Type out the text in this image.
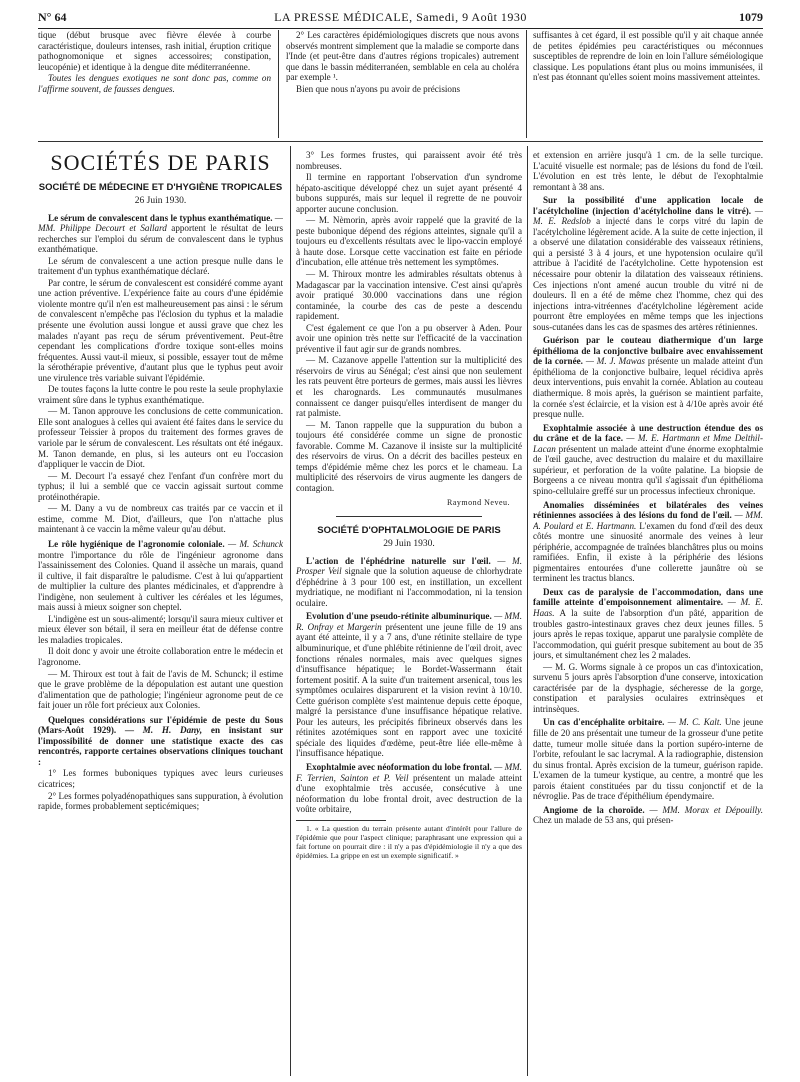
N° 64	LA PRESSE MÉDICALE, Samedi, 9 Août 1930	1079

tique (début brusque avec fièvre élevée à courbe caractéristique, douleurs intenses, rash initial, éruption critique pathognomonique et signes accessoires; constipation, leucopénie) et identique à la dengue dite méditerranéenne.

Toutes les dengues exotiques ne sont donc pas, comme on l'affirme souvent, de fausses dengues.

2° Les caractères épidémiologiques discrets que nous avons observés montrent simplement que la maladie se comporte dans l'Inde (et peut-être dans d'autres régions tropicales) autrement que dans le bassin méditerranéen, semblable en cela au choléra par exemple ¹.

Bien que nous n'ayons pu avoir de précisions

suffisantes à cet égard, il est possible qu'il y ait chaque année de petites épidémies peu caractéristiques ou méconnues susceptibles de reprendre de loin en loin l'allure séméiologique classique. Les populations étant plus ou moins immunisées, il n'est pas étonnant qu'elles soient moins massivement atteintes.

SOCIÉTÉS DE PARIS
SOCIÉTÉ DE MÉDECINE ET D'HYGIÈNE TROPICALES
26 Juin 1930.

Le sérum de convalescent dans le typhus exanthématique. — MM. Philippe Decourt et Sallard apportent le résultat de leurs recherches sur l'emploi du sérum de convalescent dans le typhus exanthématique.

Le sérum de convalescent a une action presque nulle dans le traitement d'un typhus exanthématique déclaré.

Par contre, le sérum de convalescent est considéré comme ayant une action préventive. L'expérience faite au cours d'une épidémie violente montre qu'il n'en est malheureusement pas ainsi : le sérum de convalescent n'empêche pas l'éclosion du typhus et la maladie présente une évolution aussi longue et aussi grave que chez les malades n'ayant pas reçu de sérum préventivement. Peut-être cependant les complications d'ordre toxique sont-elles moins fréquentes. Aussi vaut-il mieux, si possible, essayer tout de même la sérothérapie préventive, d'autant plus que le typhus peut avoir une virulence très variable suivant l'épidémie.

De toutes façons la lutte contre le pou reste la seule prophylaxie vraiment sûre dans le typhus exanthématique.

— M. Tanon approuve les conclusions de cette communication. Elle sont analogues à celles qui avaient été faites dans le service du professeur Teissier à propos du traitement des formes graves de variole par le sérum de convalescent. Les résultats ont été inégaux. M. Tanon demande, en plus, si les auteurs ont eu l'occasion d'appliquer le vaccin de Diot.

— M. Decourt l'a essayé chez l'enfant d'un confrère mort du typhus; il lui a semblé que ce vaccin agissait surtout comme protéinothérapie.

— M. Dany a vu de nombreux cas traités par ce vaccin et il estime, comme M. Diot, d'ailleurs, que l'on n'attache plus maintenant à ce vaccin la même valeur qu'au début.

Le rôle hygiénique de l'agronomie coloniale. — M. Schunck montre l'importance du rôle de l'ingénieur agronome dans l'assainissement des Colonies. Quand il assèche un marais, quand il cultive, il fait disparaître le paludisme. C'est à lui qu'appartient de multiplier la culture des plantes médicinales, et d'apprendre à l'indigène, non seulement à cultiver les céréales et les légumes, mais aussi à mieux soigner son cheptel.

L'indigène est un sous-alimenté; lorsqu'il saura mieux cultiver et mieux élever son bétail, il sera en meilleur état de défense contre les maladies tropicales.

Il doit donc y avoir une étroite collaboration entre le médecin et l'agronome.

— M. Thiroux est tout à fait de l'avis de M. Schunck; il estime que le grave problème de la dépopulation est autant une question d'alimentation que de pathologie; l'ingénieur agronome peut de ce fait jouer un rôle fort précieux aux Colonies.

Quelques considérations sur l'épidémie de peste du Sous (Mars-Août 1929). — M. H. Dany, en insistant sur l'impossibilité de donner une statistique exacte des cas rencontrés, rapporte certaines observations cliniques touchant :

1° Les formes buboniques typiques avec leurs curieuses cicatrices;

2° Les formes polyadénopathiques sans suppuration, à évolution rapide, formes probablement septicémiques;

3° Les formes frustes, qui paraissent avoir été très nombreuses.

Il termine en rapportant l'observation d'un syndrome hépato-ascitique développé chez un sujet ayant présenté 4 bubons suppurés, mais sur lequel il regrette de ne pouvoir apporter aucune conclusion.

— M. Nèmorin, après avoir rappelé que la gravité de la peste bubonique dépend des régions atteintes, signale qu'il a toujours eu d'excellents résultats avec le lipo-vaccin employé à haute dose. Lorsque cette vaccination est faite en période d'incubation, elle atténue très nettement les symptômes.

— M. Thiroux montre les admirables résultats obtenus à Madagascar par la vaccination intensive. C'est ainsi qu'après avoir pratiqué 30.000 vaccinations dans une région contaminée, la courbe des cas de peste a descendu rapidement.

C'est également ce que l'on a pu observer à Aden. Pour avoir une opinion très nette sur l'efficacité de la vaccination préventive il faut agir sur de grands nombres.

— M. Cazanove appelle l'attention sur la multiplicité des réservoirs de virus au Sénégal; c'est ainsi que non seulement les rats peuvent être porteurs de germes, mais aussi les lièvres et les charognards. Les communautés musulmanes connaissent ce danger puisqu'elles interdisent de manger du rat palmiste.

— M. Tanon rappelle que la suppuration du bubon a toujours été considérée comme un signe de pronostic favorable. Comme M. Cazanove il insiste sur la multiplicité des réservoirs de virus. On a décrit des bacilles pesteux en temps d'épidémie même chez les porcs et le chameau. La multiplicité des réservoirs de virus augmente les dangers de contagion.

Raymond Neveu.
SOCIÉTÉ D'OPHTALMOLOGIE DE PARIS
29 Juin 1930.

L'action de l'éphédrine naturelle sur l'œil. — M. Prosper Veil signale que la solution aqueuse de chlorhydrate d'éphédrine à 3 pour 100 est, en instillation, un excellent mydriatique, ne modifiant ni l'accommodation, ni la tension oculaire.

Evolution d'une pseudo-rétinite albuminurique. — MM. R. Onfray et Margerin présentent une jeune fille de 19 ans ayant été atteinte, il y a 7 ans, d'une rétinite stellaire de type albuminurique, et d'une phlébite rétinienne de l'œil droit, avec fonctions rénales normales, mais avec quelques signes d'insuffisance hépatique; le Bordet-Wassermann était fortement positif. A la suite d'un traitement arsenical, tous les symptômes oculaires disparurent et la vision revint à 10/10. Cette guérison complète s'est maintenue depuis cette époque, malgré la persistance d'une insuffisance hépatique relative. Pour les auteurs, les précipités fibrineux observés dans les rétinites azotémiques sont en rapport avec une toxicité spéciale des liquides d'œdème, peut-être liée elle-même à l'insuffisance hépatique.

Exophtalmie avec néoformation du lobe frontal. — MM. F. Terrien, Sainton et P. Veil présentent un malade atteint d'une exophtalmie très accusée, consécutive à une néoformation du lobe frontal droit, avec destruction de la voûte orbitaire,

1. « La question du terrain présente autant d'intérêt pour l'allure de l'épidémie que pour l'aspect clinique; paraphrasant une expression qui a fait fortune on pourrait dire : il n'y a pas d'épidémiologie il n'y a que des épidémies. La grippe en est un exemple significatif. »

et extension en arrière jusqu'à 1 cm. de la selle turcique. L'acuité visuelle est normale; pas de lésions du fond de l'œil. L'évolution en est très lente, le début de l'exophtalmie remontant à 38 ans.

Sur la possibilité d'une application locale de l'acétylcholine (injection d'acétylcholine dans le vitré). — M. E. Redslob a injecté dans le corps vitré du lapin de l'acétylcholine légèrement acide. A la suite de cette injection, il a observé une dilatation considérable des vaisseaux rétiniens, qui a persisté 3 à 4 jours, et une hypotension oculaire qu'il attribue à l'acidité de l'acétylcholine. Cette hypotension est nécessaire pour obtenir la dilatation des vaisseaux rétiniens. Ces injections n'ont amené aucun trouble du vitré ni de douleurs. Il en a été de même chez l'homme, chez qui des injections intra-vitréennes d'acétylcholine légèrement acide pourront être employées en même temps que les injections sous-cutanées dans les cas de spasmes des artères rétiniennes.

Guérison par le couteau diathermique d'un large épithélioma de la conjonctive bulbaire avec envahissement de la cornée. — M. J. Mawas présente un malade atteint d'un épithélioma de la conjonctive bulbaire, lequel récidiva après deux interventions, puis envahit la cornée. Ablation au couteau diathermique. 8 mois après, la guérison se maintient parfaite, la cornée s'est éclaircie, et la vision est à 4/10e après avoir été presque nulle.

Exophtalmie associée à une destruction étendue des os du crâne et de la face. — M. E. Hartmann et Mme Delthil-Lacan présentent un malade atteint d'une énorme exophtalmie de l'œil gauche, avec destruction du malaire et du maxillaire supérieur, et perforation de la voûte palatine. La biopsie de Borgeens a ce niveau montra qu'il s'agissait d'un épithélioma spino-cellulaire greffé sur un processus infectieux chronique.

Anomalies disséminées et bilatérales des veines rétiniennes associées à des lésions du fond de l'œil. — MM. A. Poulard et E. Hartmann. L'examen du fond d'œil des deux côtés montre une sinuosité anormale des veines à leur périphérie, accompagnée de traînées blanchâtres plus ou moins ramifiées. Enfin, il existe à la périphérie des lésions pigmentaires entourées d'une collerette jaunâtre où se terminent les tractus blancs.

Deux cas de paralysie de l'accommodation, dans une famille atteinte d'empoisonnement alimentaire. — M. E. Haas. A la suite de l'absorption d'un pâté, apparition de troubles gastro-intestinaux graves chez deux jeunes filles. 5 jours après le repas toxique, apparut une paralysie complète de l'accommodation, qui guérit presque subitement au bout de 35 jours, et simultanément chez les 2 malades.

— M. G. Worms signale à ce propos un cas d'intoxication, survenu 5 jours après l'absorption d'une conserve, intoxication caractérisée par de la dysphagie, sécheresse de la gorge, constipation et paralysies oculaires extrinsèques et intrinsèques.

Un cas d'encéphalite orbitaire. — M. C. Kalt. Une jeune fille de 20 ans présentait une tumeur de la grosseur d'une petite datte, tumeur molle située dans la portion supéro-interne de l'orbite, refoulant le sac lacrymal. A la radiographie, distension du sinus frontal. Après excision de la tumeur, guérison rapide. L'examen de la tumeur kystique, au centre, a montré que les parois étaient constituées par du tissu conjonctif et de la névroglie. Pas de trace d'épithélium épendymaire.

Angiome de la choroïde. — MM. Morax et Dépouilly. Chez un malade de 53 ans, qui présen-
